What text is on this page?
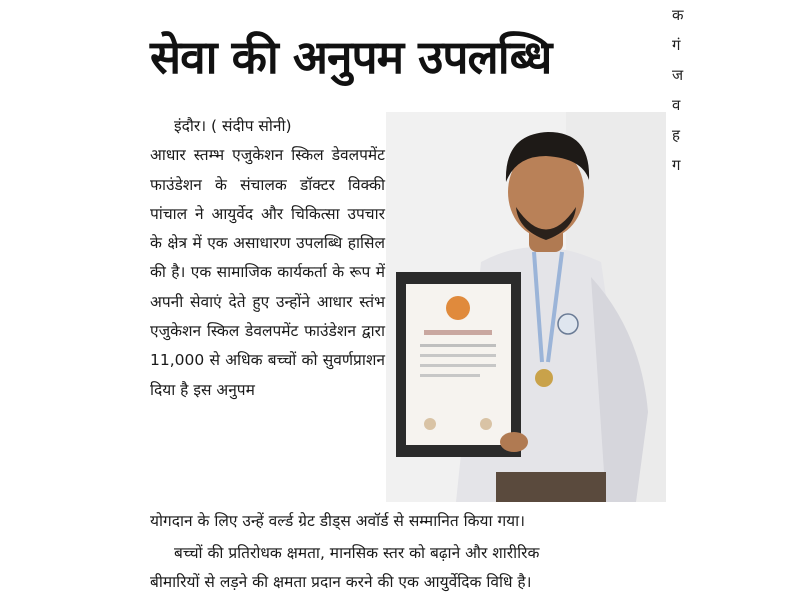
सेवा की अनुपम उपलब्धि
क
गं
ज
व
ह
ग

इंदौर। ( संदीप सोनी)

आधार स्तम्भ एजुकेशन स्किल डेवलपमेंट फाउंडेशन के संचालक डॉक्टर विक्की पांचाल ने आयुर्वेद और चिकित्सा उपचार के क्षेत्र में एक असाधारण उपलब्धि हासिल की है। एक सामाजिक कार्यकर्ता के रूप में अपनी सेवाएं देते हुए उन्होंने आधार स्तंभ एजुकेशन स्किल डेवलपमेंट फाउंडेशन द्वारा 11,000 से अधिक बच्चों को सुवर्णप्राशन दिया है इस अनुपम

योगदान के लिए उन्हें वर्ल्ड ग्रेट डीड्स अवॉर्ड से सम्मानित किया गया।
बच्चों की प्रतिरोधक क्षमता, मानसिक स्तर को बढ़ाने और शारीरिक
बीमारियों से लड़ने की क्षमता प्रदान करने की एक आयुर्वेदिक विधि है।
